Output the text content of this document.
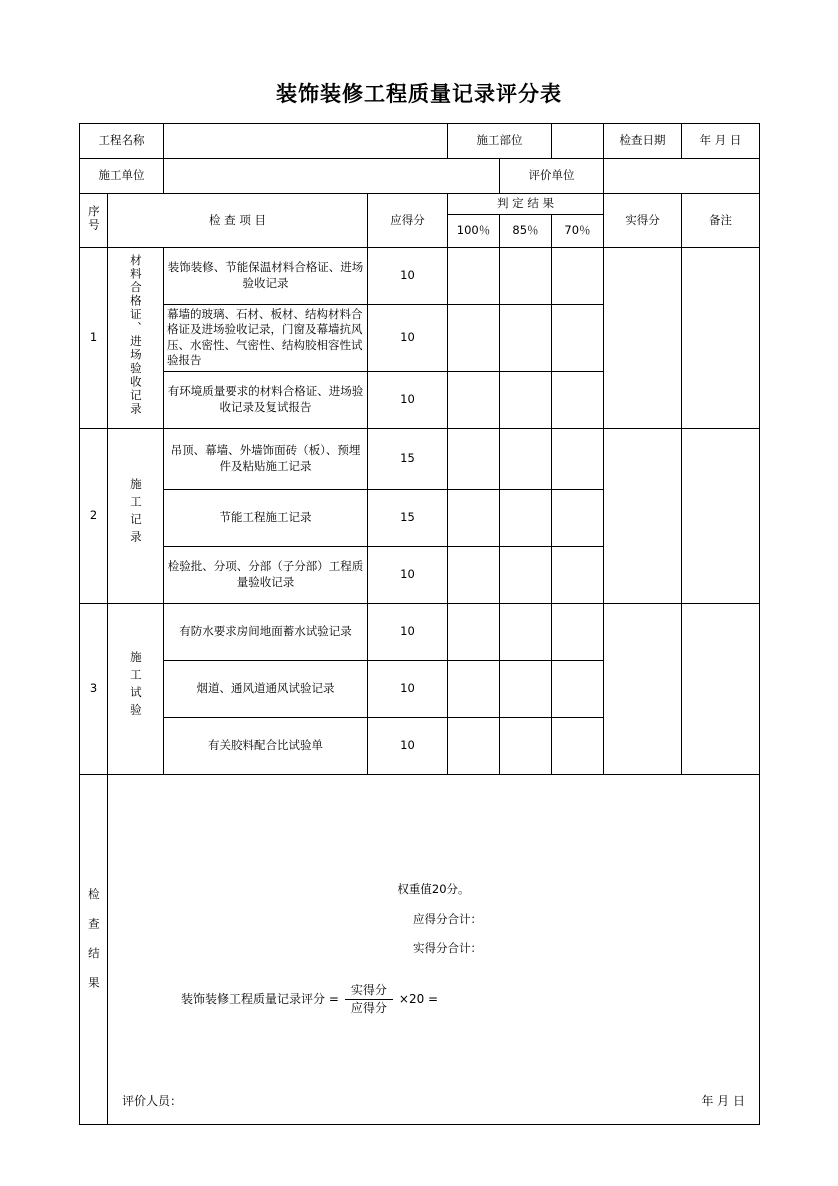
装饰装修工程质量记录评分表
工程名称				施工部位			检查日期	年 月 日
施工单位					评价单位			
序号	检 查 项 目		应得分	判 定 结 果			实得分	备注
				100％	85％	70％		
1	材料合格证、进场验收记录	装饰装修、节能保温材料合格证、进场验收记录	10					
		幕墙的玻璃、石材、板材、结构材料合格证及进场验收记录，门窗及幕墙抗风压、水密性、气密性、结构胶相容性试验报告	10					
		有环境质量要求的材料合格证、进场验收记录及复试报告	10					
2	施工记录	吊顶、幕墙、外墙饰面砖（板）、预埋件及粘贴施工记录	15					
		节能工程施工记录	15					
		检验批、分项、分部（子分部）工程质量验收记录	10					
3	施工试验	有防水要求房间地面蓄水试验记录	10					
		烟道、通风道通风试验记录	10					
		有关胶料配合比试验单	10					
检查结果	权重值20分。
应得分合计：
实得分合计：
装饰装修工程质量记录评分 = $\frac{\text{实得分}}{\text{应得分}} \times 20$ =
评价人员：	年 月 日
